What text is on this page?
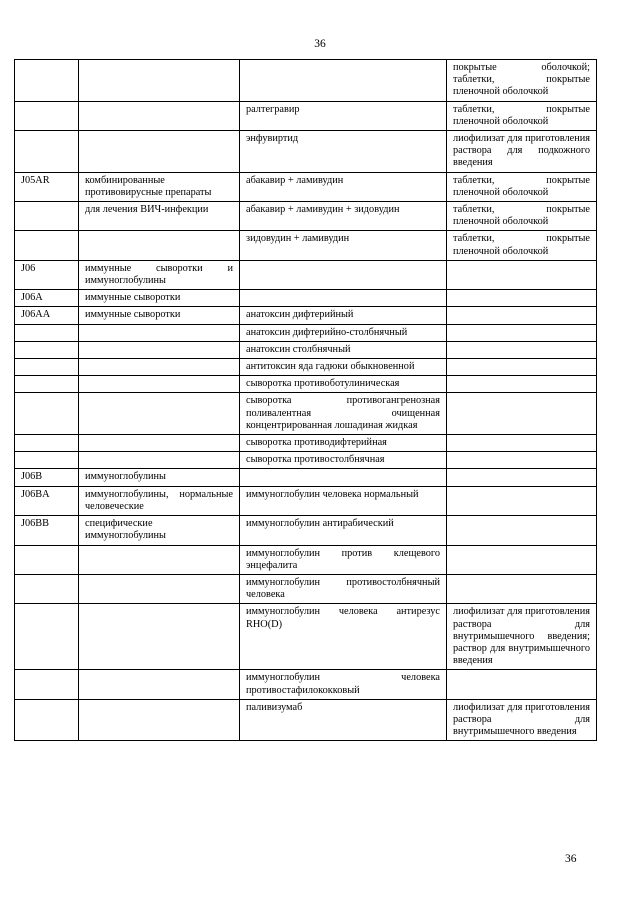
36
			покрытые оболочкой; таблетки, покрытые пленочной оболочкой
		ралтегравир	таблетки, покрытые пленочной оболочкой
		энфувиртид	лиофилизат для приготовления раствора для подкожного введения
J05AR	комбинированные противовирусные препараты	абакавир + ламивудин	таблетки, покрытые пленочной оболочкой
	для лечения ВИЧ-инфекции	абакавир + ламивудин + зидовудин	таблетки, покрытые пленочной оболочкой
		зидовудин + ламивудин	таблетки, покрытые пленочной оболочкой
J06	иммунные сыворотки и иммуноглобулины		
J06A	иммунные сыворотки		
J06AA	иммунные сыворотки	анатоксин дифтерийный	
		анатоксин дифтерийно-столбнячный	
		анатоксин столбнячный	
		антитоксин яда гадюки обыкновенной	
		сыворотка противоботулиническая	
		сыворотка противогангренозная поливалентная очищенная концентрированная лошадиная жидкая	
		сыворотка противодифтерийная	
		сыворотка противостолбнячная	
J06B	иммуноглобулины		
J06BA	иммуноглобулины, нормальные человеческие	иммуноглобулин человека нормальный	
J06BB	специфические иммуноглобулины	иммуноглобулин антирабический	
		иммуноглобулин против клещевого энцефалита	
		иммуноглобулин противостолбнячный человека	
		иммуноглобулин человека антирезус RHO(D)	лиофилизат для приготовления раствора для внутримышечного введения; раствор для внутримышечного введения
		иммуноглобулин человека противостафилококковый	
		паливизумаб	лиофилизат для приготовления раствора для внутримышечного введения
36
